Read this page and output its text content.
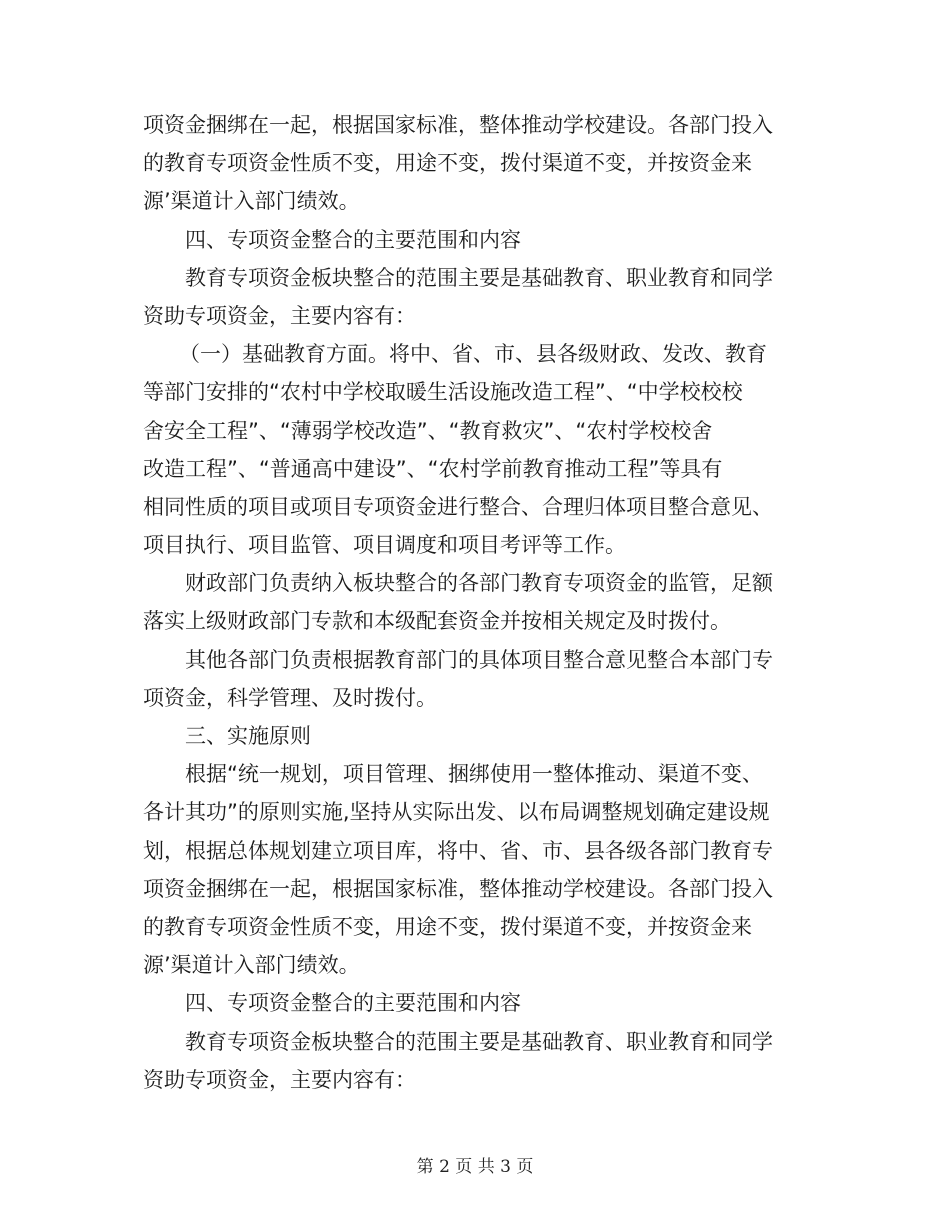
项资金捆绑在一起，根据国家标准，整体推动学校建设。各部门投入
的教育专项资金性质不变，用途不变，拨付渠道不变，并按资金来
源’渠道计入部门绩效。
四、专项资金整合的主要范围和内容
教育专项资金板块整合的范围主要是基础教育、职业教育和同学
资助专项资金，主要内容有：
（一）基础教育方面。将中、省、市、县各级财政、发改、教育
等部门安排的“农村中学校取暖生活设施改造工程”、“中学校校校
舍安全工程”、“薄弱学校改造”、“教育救灾”、“农村学校校舍
改造工程”、“普通高中建设”、“农村学前教育推动工程”等具有
相同性质的项目或项目专项资金进行整合、合理归体项目整合意见、
项目执行、项目监管、项目调度和项目考评等工作。
财政部门负责纳入板块整合的各部门教育专项资金的监管，足额
落实上级财政部门专款和本级配套资金并按相关规定及时拨付。
其他各部门负责根据教育部门的具体项目整合意见整合本部门专
项资金，科学管理、及时拨付。
三、实施原则
根据“统一规划，项目管理、捆绑使用一整体推动、渠道不变、
各计其功”的原则实施,坚持从实际出发、以布局调整规划确定建设规
划，根据总体规划建立项目库，将中、省、市、县各级各部门教育专
项资金捆绑在一起，根据国家标准，整体推动学校建设。各部门投入
的教育专项资金性质不变，用途不变，拨付渠道不变，并按资金来
源’渠道计入部门绩效。
四、专项资金整合的主要范围和内容
教育专项资金板块整合的范围主要是基础教育、职业教育和同学
资助专项资金，主要内容有：
第 2 页 共 3 页
